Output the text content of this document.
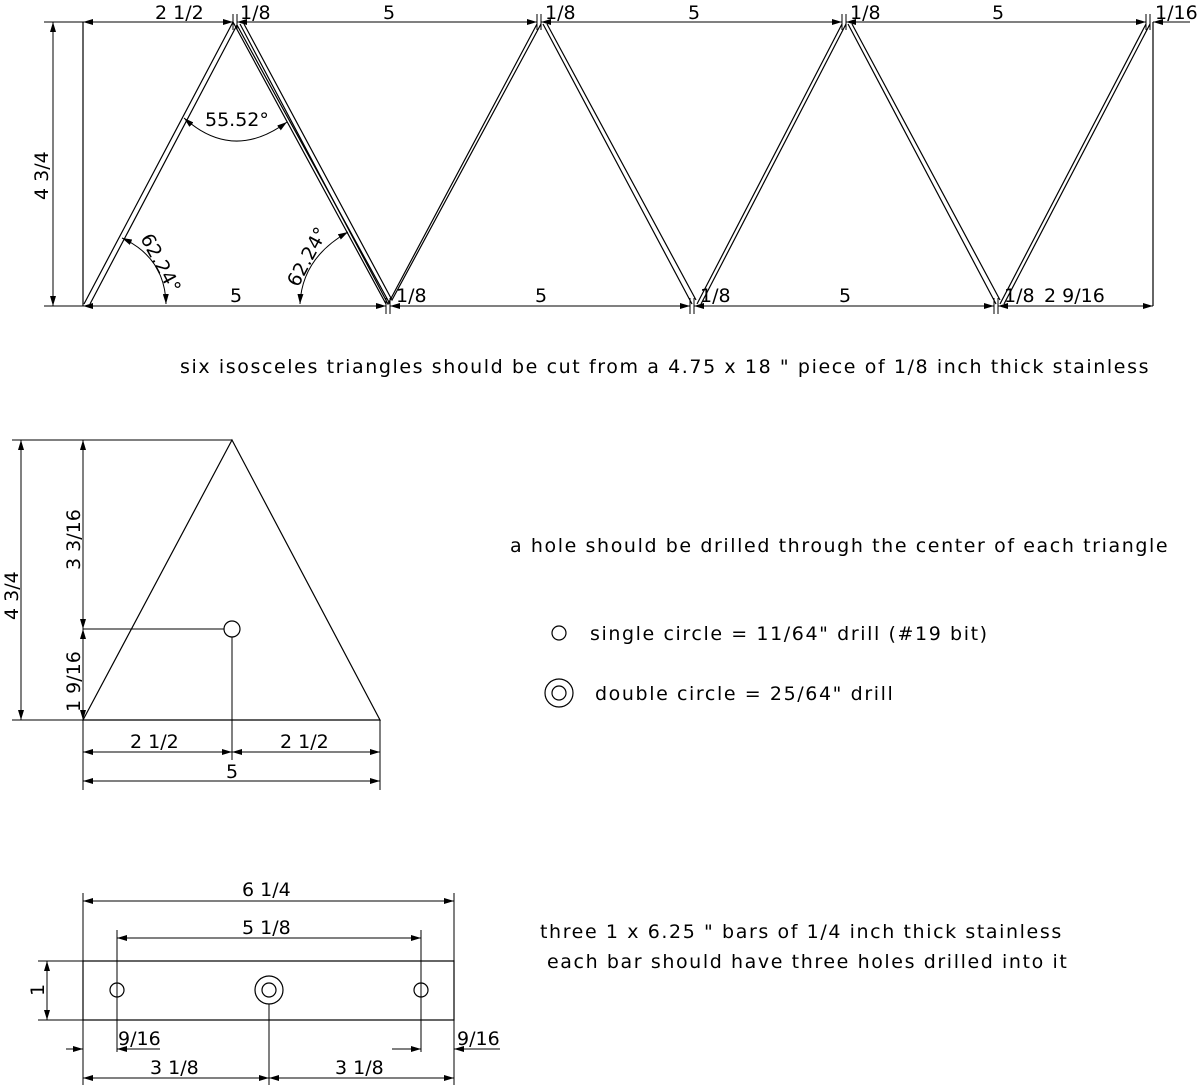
2 1/2 1/8	5	1/8	5	1/8	5	1/16
5	1/8	5	1/8	5	1/8 2 9/16
4 3/4
55.52°
62.24°	62.24°
six isosceles triangles should be cut from a 4.75 x 18 " piece of 1/8 inch thick stainless
4 3/4
3 3/16
1 9/16
2 1/2	2 1/2
5
a hole should be drilled through the center of each triangle
single circle = 11/64" drill (#19 bit)
double circle = 25/64" drill
6 1/4
5 1/8
1
9/16	9/16
3 1/8	3 1/8
three 1 x 6.25 " bars of 1/4 inch thick stainless
each bar should have three holes drilled into it
